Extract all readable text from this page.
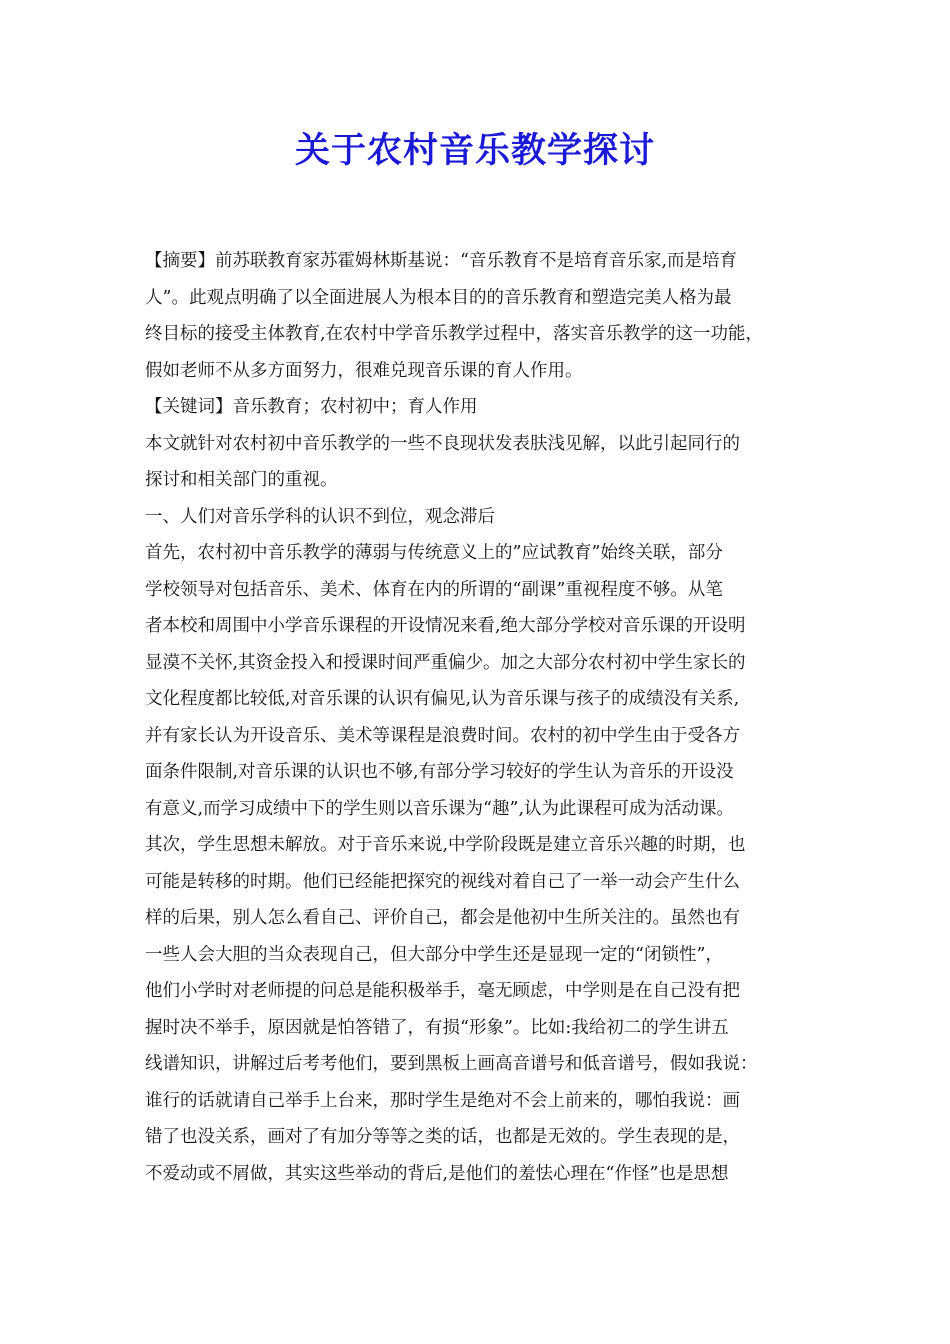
关于农村音乐教学探讨
【摘要】前苏联教育家苏霍姆林斯基说：“音乐教育不是培育音乐家,而是培育
人”。此观点明确了以全面进展人为根本目的的音乐教育和塑造完美人格为最
终目标的接受主体教育,在农村中学音乐教学过程中，落实音乐教学的这一功能，
假如老师不从多方面努力，很难兑现音乐课的育人作用。
【关键词】音乐教育；农村初中；育人作用
本文就针对农村初中音乐教学的一些不良现状发表肤浅见解，以此引起同行的
探讨和相关部门的重视。
一、人们对音乐学科的认识不到位，观念滞后
首先，农村初中音乐教学的薄弱与传统意义上的”应试教育”始终关联，部分
学校领导对包括音乐、美术、体育在内的所谓的“副课”重视程度不够。从笔
者本校和周围中小学音乐课程的开设情况来看,绝大部分学校对音乐课的开设明
显漠不关怀,其资金投入和授课时间严重偏少。加之大部分农村初中学生家长的
文化程度都比较低,对音乐课的认识有偏见,认为音乐课与孩子的成绩没有关系,
并有家长认为开设音乐、美术等课程是浪费时间。农村的初中学生由于受各方
面条件限制,对音乐课的认识也不够,有部分学习较好的学生认为音乐的开设没
有意义,而学习成绩中下的学生则以音乐课为“趣”,认为此课程可成为活动课。
其次，学生思想未解放。对于音乐来说,中学阶段既是建立音乐兴趣的时期，也
可能是转移的时期。他们已经能把探究的视线对着自己了一举一动会产生什么
样的后果，别人怎么看自己、评价自己，都会是他初中生所关注的。虽然也有
一些人会大胆的当众表现自己，但大部分中学生还是显现一定的“闭锁性”，
他们小学时对老师提的问总是能积极举手，毫无顾虑，中学则是在自己没有把
握时决不举手，原因就是怕答错了，有损“形象”。比如:我给初二的学生讲五
线谱知识，讲解过后考考他们，要到黑板上画高音谱号和低音谱号，假如我说：
谁行的话就请自己举手上台来，那时学生是绝对不会上前来的，哪怕我说：画
错了也没关系，画对了有加分等等之类的话，也都是无效的。学生表现的是，
不爱动或不屑做，其实这些举动的背后,是他们的羞怯心理在“作怪”也是思想
